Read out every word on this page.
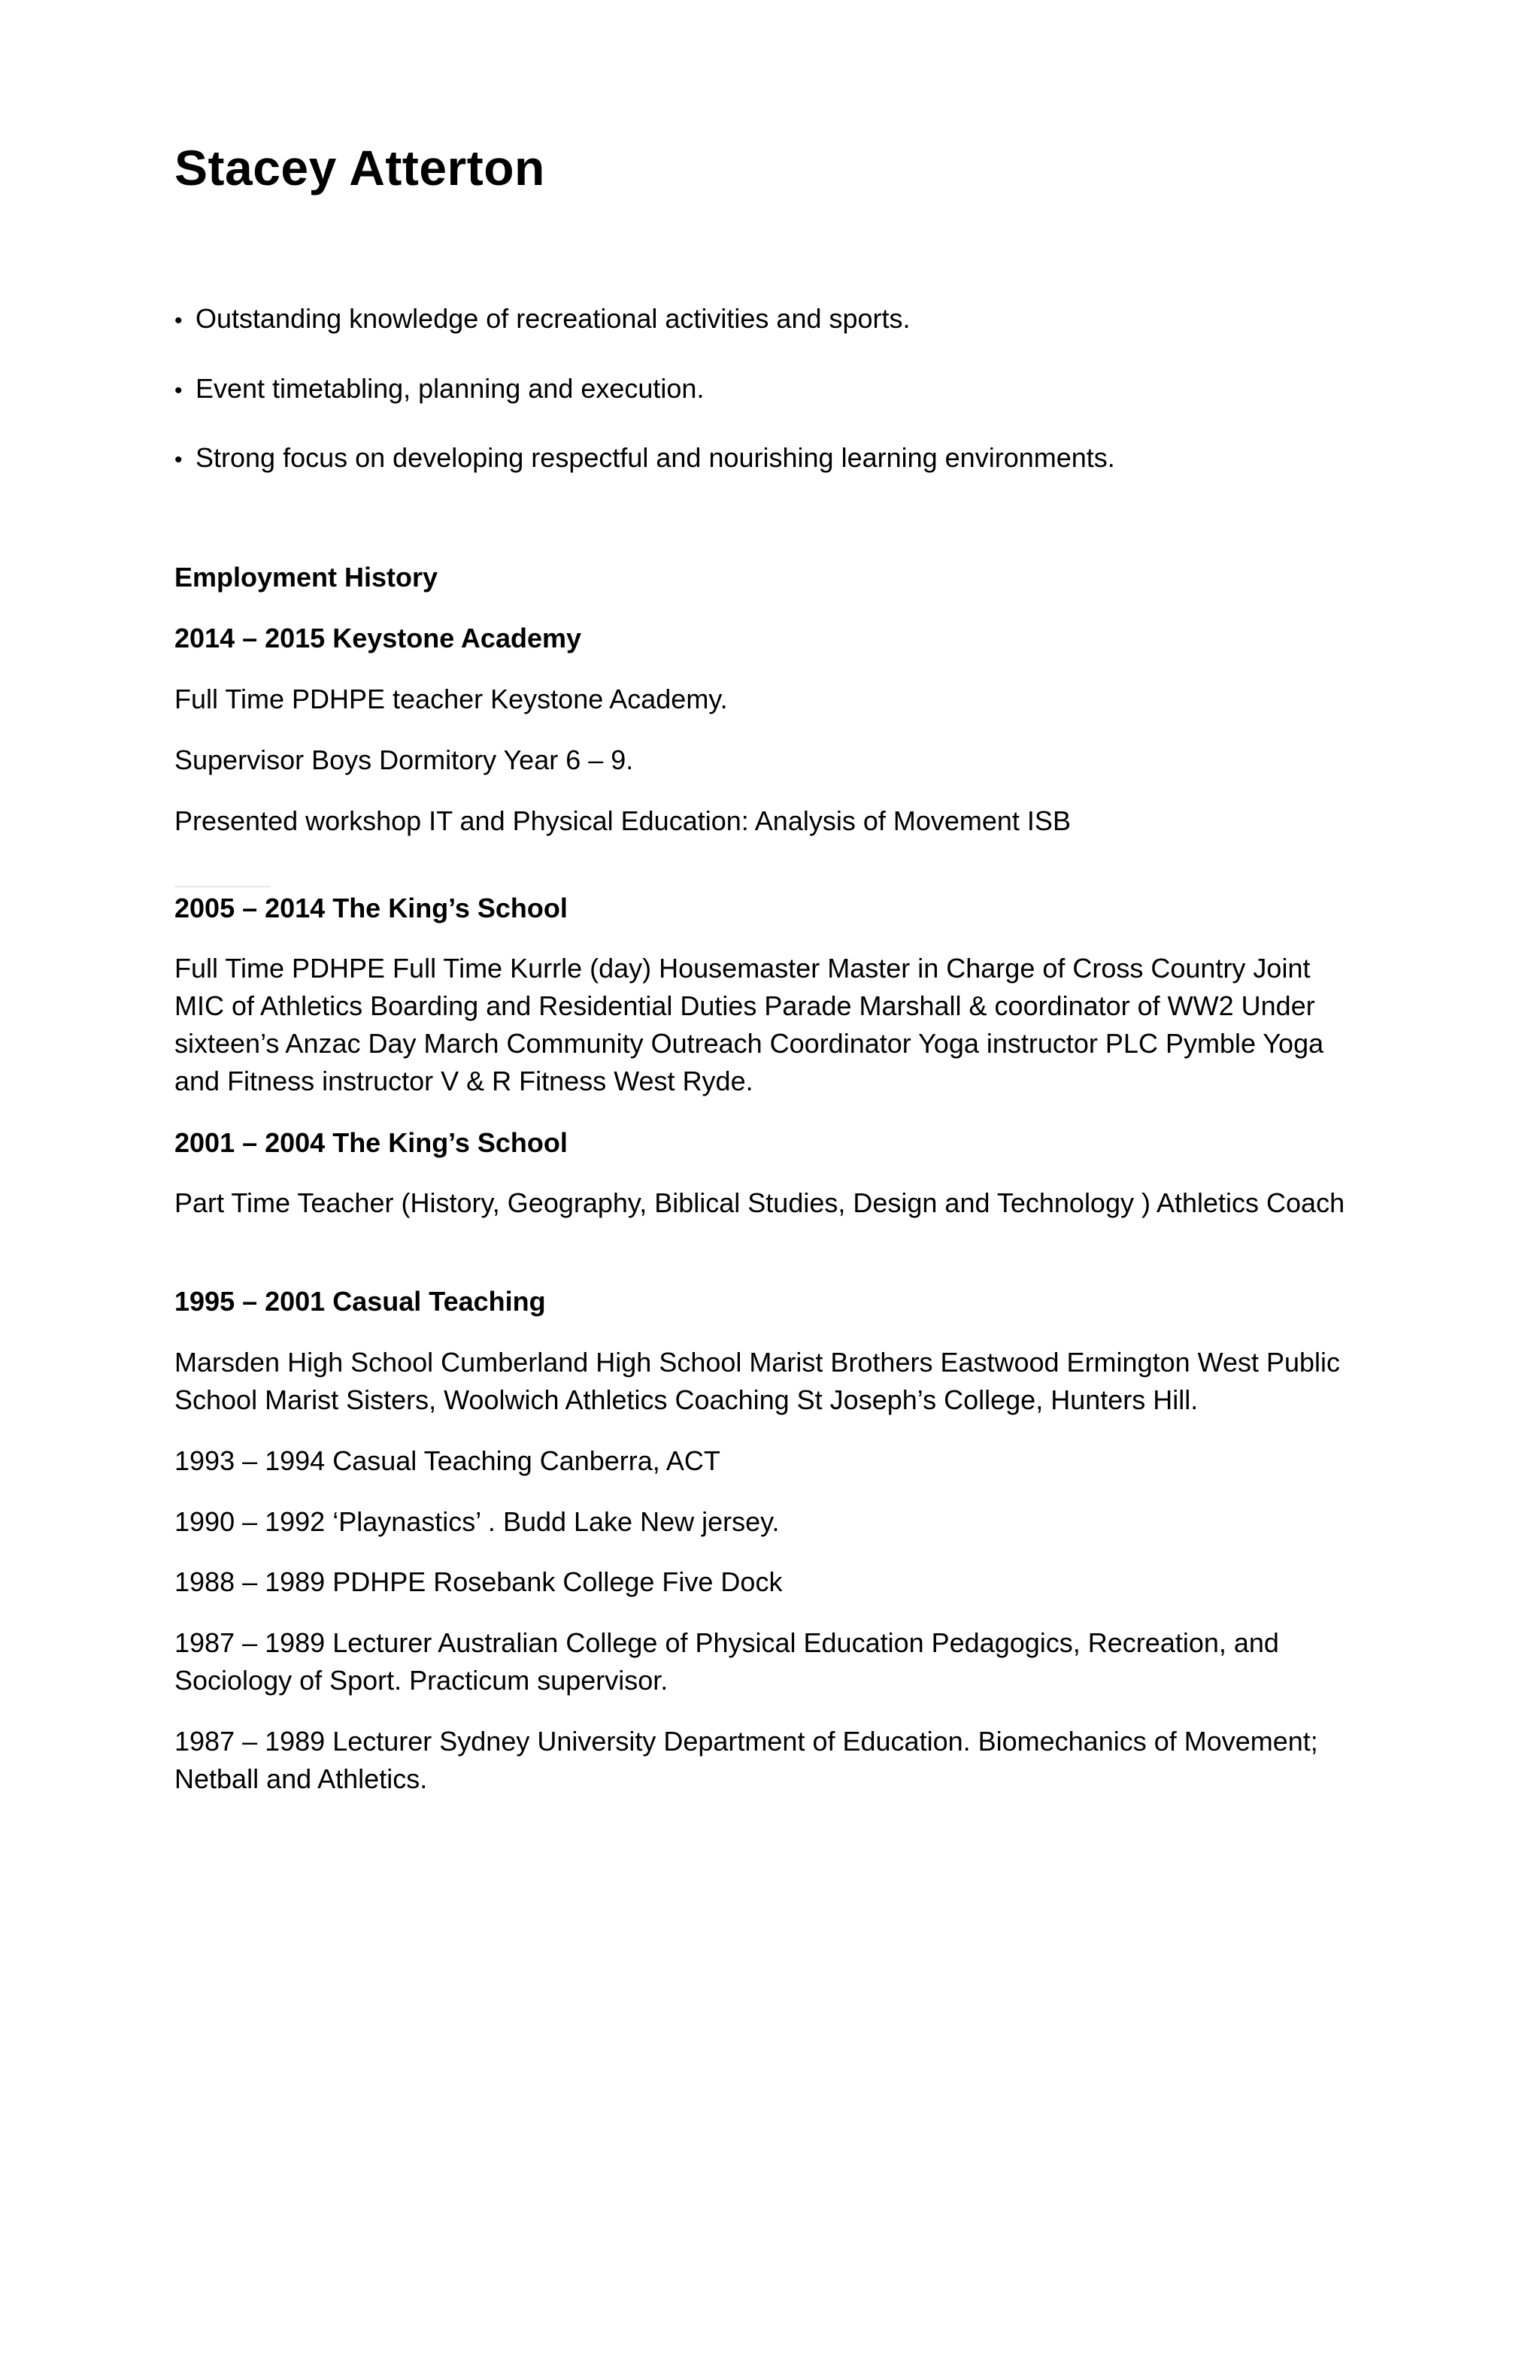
Stacey Atterton
• Outstanding knowledge of recreational activities and sports.
• Event timetabling, planning and execution.
• Strong focus on developing respectful and nourishing learning environments.
Employment History
2014 – 2015 Keystone Academy
Full Time PDHPE teacher Keystone Academy.
Supervisor Boys Dormitory Year 6 – 9.
Presented workshop IT and Physical Education: Analysis of Movement ISB
2005 – 2014 The King’s School

Full Time PDHPE Full Time Kurrle (day) Housemaster Master in Charge of Cross Country Joint MIC of Athletics Boarding and Residential Duties Parade Marshall & coordinator of WW2 Under sixteen’s Anzac Day March Community Outreach Coordinator Yoga instructor PLC Pymble Yoga and Fitness instructor V & R Fitness West Ryde.

2001 – 2004 The King’s School

Part Time Teacher (History, Geography, Biblical Studies, Design and Technology ) Athletics Coach

1995 – 2001 Casual Teaching

Marsden High School Cumberland High School Marist Brothers Eastwood Ermington West Public School Marist Sisters, Woolwich Athletics Coaching St Joseph’s College, Hunters Hill.

1993 – 1994 Casual Teaching Canberra, ACT
1990 – 1992 ‘Playnastics’ . Budd Lake New jersey.
1988 – 1989 PDHPE Rosebank College Five Dock

1987 – 1989 Lecturer Australian College of Physical Education Pedagogics, Recreation, and Sociology of Sport. Practicum supervisor.

1987 – 1989 Lecturer Sydney University Department of Education. Biomechanics of Movement; Netball and Athletics.
